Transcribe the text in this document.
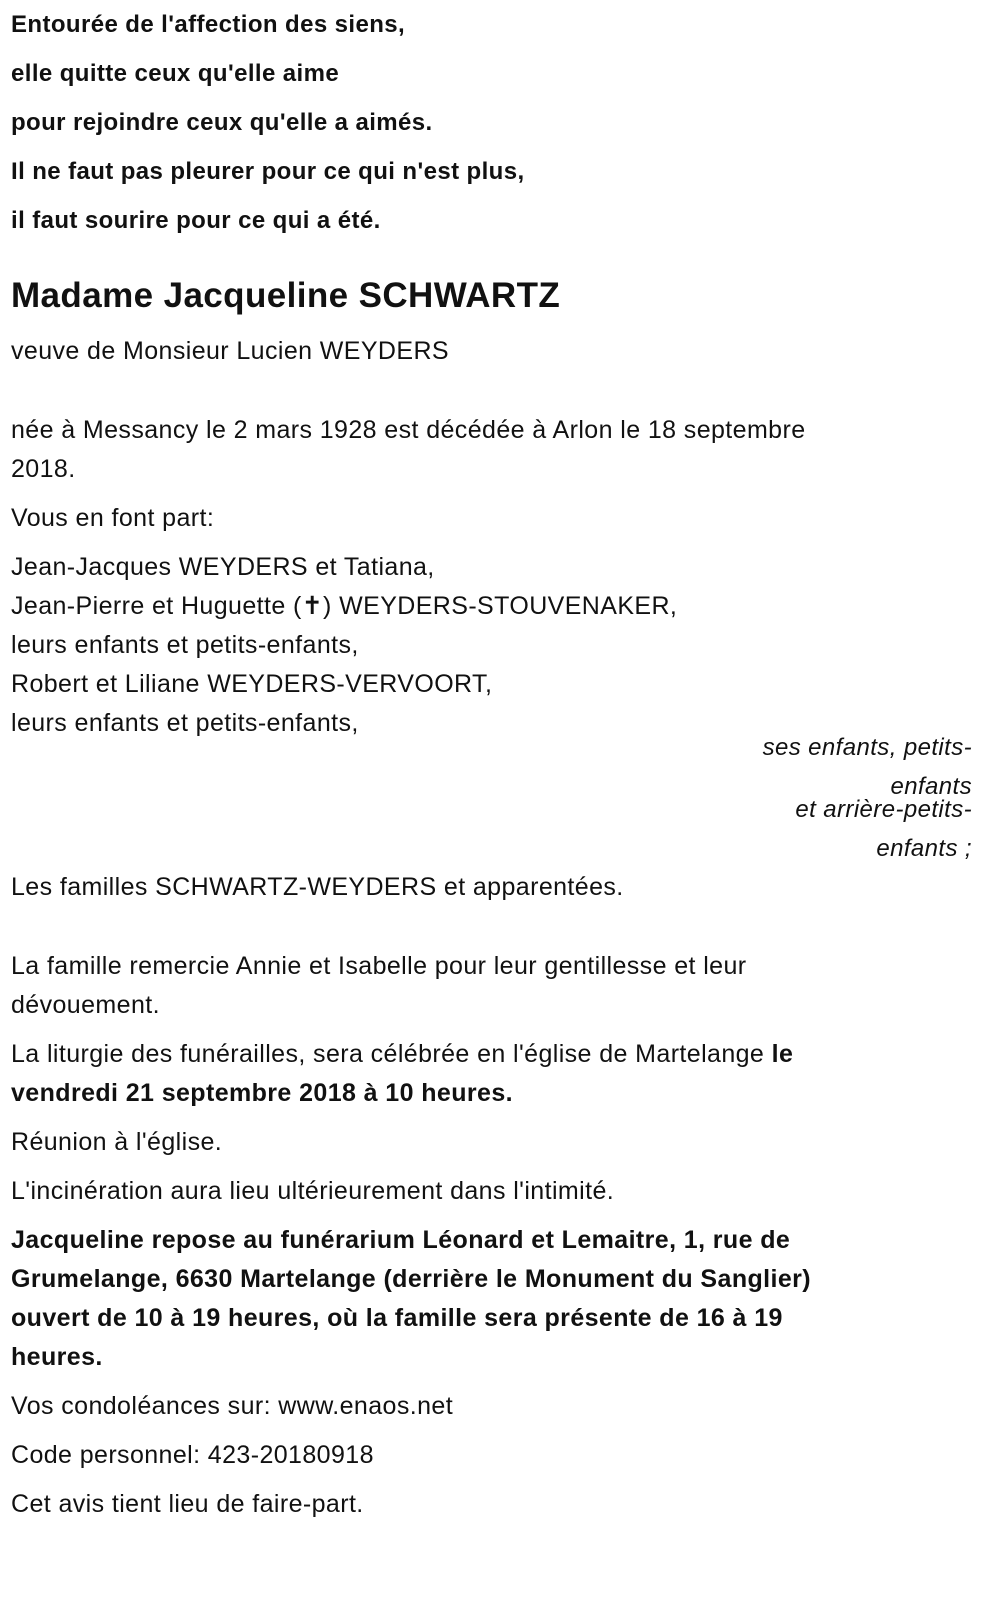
Entourée de l'affection des siens,
elle quitte ceux qu'elle aime
pour rejoindre ceux qu'elle a aimés.
Il ne faut pas pleurer pour ce qui n'est plus,
il faut sourire pour ce qui a été.
Madame Jacqueline SCHWARTZ

veuve de Monsieur Lucien WEYDERS

née à Messancy le 2 mars 1928 est décédée à Arlon le 18 septembre
2018.

Vous en font part:

Jean-Jacques WEYDERS et Tatiana,
Jean-Pierre et Huguette (✝) WEYDERS-STOUVENAKER,
leurs enfants et petits-enfants,
Robert et Liliane WEYDERS-VERVOORT,
leurs enfants et petits-enfants,

ses enfants, petits-
enfants
et arrière-petits-
enfants ;

Les familles SCHWARTZ-WEYDERS et apparentées.

La famille remercie Annie et Isabelle pour leur gentillesse et leur
dévouement.

La liturgie des funérailles, sera célébrée en l'église de Martelange le
vendredi 21 septembre 2018 à 10 heures.

Réunion à l'église.

L'incinération aura lieu ultérieurement dans l'intimité.

Jacqueline repose au funérarium Léonard et Lemaitre, 1, rue de
Grumelange, 6630 Martelange (derrière le Monument du Sanglier)
ouvert de 10 à 19 heures, où la famille sera présente de 16 à 19
heures.

Vos condoléances sur: www.enaos.net

Code personnel: 423-20180918

Cet avis tient lieu de faire-part.
